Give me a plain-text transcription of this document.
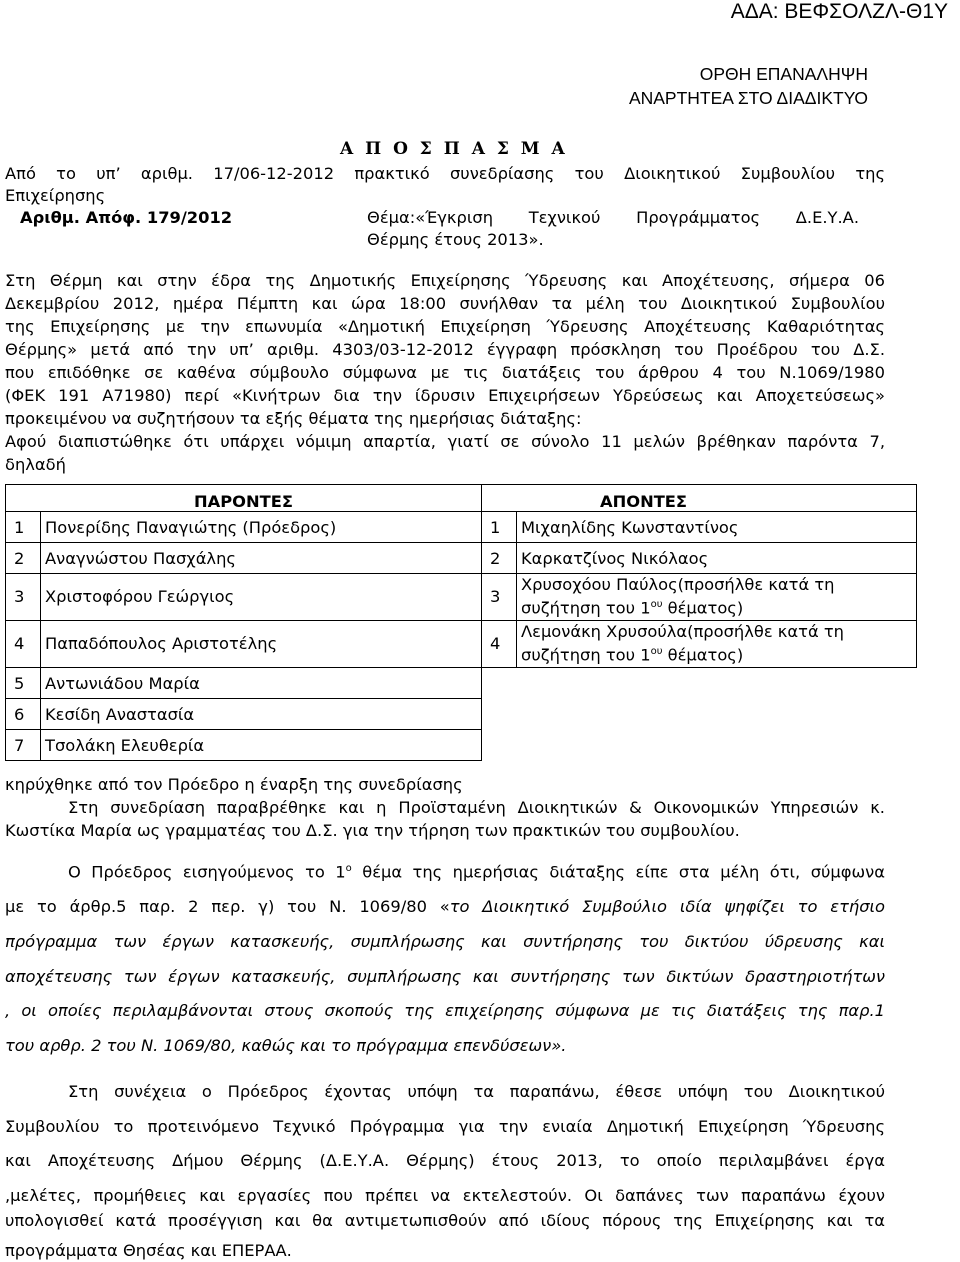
ΑΔΑ: ΒΕΦΣΟΛΖΛ-Θ1Υ
ΟΡΘΗ ΕΠΑΝΑΛΗΨΗ
ΑΝΑΡΤΗΤΕΑ ΣΤΟ ΔΙΑΔΙΚΤΥΟ
Α Π Ο Σ Π Α Σ Μ Α
Από το υπ’ αριθμ. 17/06-12-2012 πρακτικό συνεδρίασης του Διοικητικού Συμβουλίου της
Επιχείρησης
Αριθμ. Απόφ. 179/2012	Θέμα:«Έγκριση Τεχνικού Προγράμματος Δ.Ε.Υ.Α.
Θέρμης έτους 2013».
Στη Θέρμη και στην έδρα της Δημοτικής Επιχείρησης Ύδρευσης και Αποχέτευσης, σήμερα 06
Δεκεμβρίου 2012, ημέρα Πέμπτη και ώρα 18:00 συνήλθαν τα μέλη του Διοικητικού Συμβουλίου
της Επιχείρησης με την επωνυμία «Δημοτική Επιχείρηση Ύδρευσης Αποχέτευσης Καθαριότητας
Θέρμης» μετά από την υπ’ αριθμ. 4303/03-12-2012 έγγραφη πρόσκληση του Προέδρου του Δ.Σ.
που επιδόθηκε σε καθένα σύμβουλο σύμφωνα με τις διατάξεις του άρθρου 4 του Ν.1069/1980
(ΦΕΚ 191 Α71980) περί «Κινήτρων δια την ίδρυσιν Επιχειρήσεων Υδρεύσεως και Αποχετεύσεως»
προκειμένου να συζητήσουν τα εξής θέματα της ημερήσιας διάταξης:
Αφού διαπιστώθηκε ότι υπάρχει νόμιμη απαρτία, γιατί σε σύνολο 11 μελών βρέθηκαν παρόντα 7,
δηλαδή
ΠΑΡΟΝΤΕΣ		ΑΠΟΝΤΕΣ	
1	Πονερίδης Παναγιώτης (Πρόεδρος)	1	Μιχαηλίδης Κωνσταντίνος
2	Αναγνώστου Πασχάλης	2	Καρκατζίνος Νικόλαος
3	Χριστοφόρου Γεώργιος	3	Χρυσοχόου Παύλος(προσήλθε κατά τη
συζήτηση του $1^{o\upsilon}$ θέματος)
4	Παπαδόπουλος Αριστοτέλης	4	Λεμονάκη Χρυσούλα(προσήλθε κατά τη
συζήτηση του $1^{o\upsilon}$ θέματος)
5	Αντωνιάδου Μαρία		
6	Κεσίδη Αναστασία		
7	Τσολάκη Ελευθερία		
κηρύχθηκε από τον Πρόεδρο η έναρξη της συνεδρίασης
Στη συνεδρίαση παραβρέθηκε και η Προϊσταμένη Διοικητικών & Οικονομικών Υπηρεσιών κ.
Κωστίκα Μαρία ως γραμματέας του Δ.Σ. για την τήρηση των πρακτικών του συμβουλίου.
Ο Πρόεδρος εισηγούμενος το $1^o$ θέμα της ημερήσιας διάταξης είπε στα μέλη ότι, σύμφωνα
με το άρθρ.5 παρ. 2 περ. γ) του Ν. 1069/80 «το Διοικητικό Συμβούλιο ιδία ψηφίζει το ετήσιο
πρόγραμμα των έργων κατασκευής, συμπλήρωσης και συντήρησης του δικτύου ύδρευσης και
αποχέτευσης των έργων κατασκευής, συμπλήρωσης και συντήρησης των δικτύων δραστηριοτήτων
, οι οποίες περιλαμβάνονται στους σκοπούς της επιχείρησης σύμφωνα με τις διατάξεις της παρ.1
του αρθρ. 2 του Ν. 1069/80, καθώς και το πρόγραμμα επενδύσεων».
Στη συνέχεια ο Πρόεδρος έχοντας υπόψη τα παραπάνω, έθεσε υπόψη του Διοικητικού
Συμβουλίου το προτεινόμενο Τεχνικό Πρόγραμμα για την ενιαία Δημοτική Επιχείρηση Ύδρευσης
και Αποχέτευσης Δήμου Θέρμης (Δ.Ε.Υ.Α. Θέρμης) έτους 2013, το οποίο περιλαμβάνει έργα
,μελέτες, προμήθειες και εργασίες που πρέπει να εκτελεστούν. Οι δαπάνες των παραπάνω έχουν
υπολογισθεί κατά προσέγγιση και θα αντιμετωπισθούν από ιδίους πόρους της Επιχείρησης και τα
προγράμματα Θησέας και ΕΠΕΡΑΑ.
